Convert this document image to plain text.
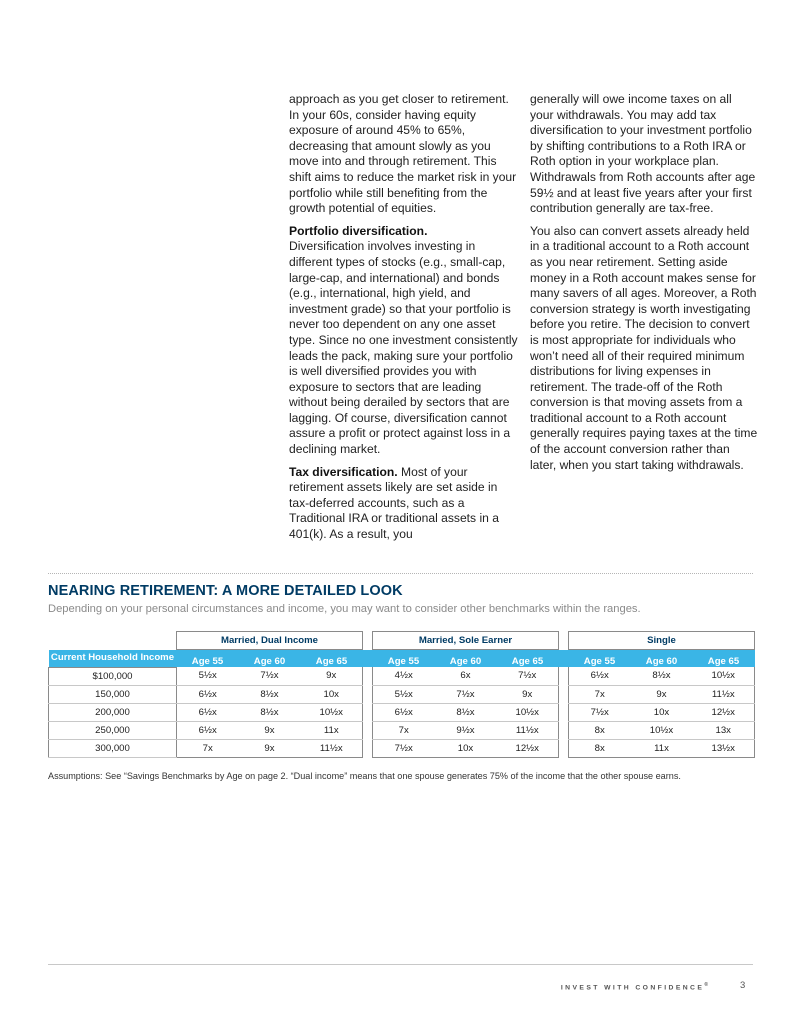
approach as you get closer to retirement. In your 60s, consider having equity exposure of around 45% to 65%, decreasing that amount slowly as you move into and through retirement. This shift aims to reduce the market risk in your portfolio while still benefiting from the growth potential of equities.

Portfolio diversification.
Diversification involves investing in different types of stocks (e.g., small-cap, large-cap, and international) and bonds (e.g., international, high yield, and investment grade) so that your portfolio is never too dependent on any one asset type. Since no one investment consistently leads the pack, making sure your portfolio is well diversified provides you with exposure to sectors that are leading without being derailed by sectors that are lagging. Of course, diversification cannot assure a profit or protect against loss in a declining market.

Tax diversification. Most of your retirement assets likely are set aside in tax-deferred accounts, such as a Traditional IRA or traditional assets in a 401(k). As a result, you

generally will owe income taxes on all your withdrawals. You may add tax diversification to your investment portfolio by shifting contributions to a Roth IRA or Roth option in your workplace plan. Withdrawals from Roth accounts after age 59½ and at least five years after your first contribution generally are tax-free.

You also can convert assets already held in a traditional account to a Roth account as you near retirement. Setting aside money in a Roth account makes sense for many savers of all ages. Moreover, a Roth conversion strategy is worth investigating before you retire. The decision to convert is most appropriate for individuals who won’t need all of their required minimum distributions for living expenses in retirement. The trade-off of the Roth conversion is that moving assets from a traditional account to a Roth account generally requires paying taxes at the time of the account conversion rather than later, when you start taking withdrawals.

NEARING RETIREMENT: A MORE DETAILED LOOK
Depending on your personal circumstances and income, you may want to consider other benchmarks within the ranges.
	Married, Dual Income				Married, Sole Earner				Single		
Current Household Income	Age 55	Age 60	Age 65		Age 55	Age 60	Age 65		Age 55	Age 60	Age 65
$100,000	5½x	7½x	9x		4½x	6x	7½x		6½x	8½x	10½x
150,000	6½x	8½x	10x		5½x	7½x	9x		7x	9x	11½x
200,000	6½x	8½x	10½x		6½x	8½x	10½x		7½x	10x	12½x
250,000	6½x	9x	11x		7x	9½x	11½x		8x	10½x	13x
300,000	7x	9x	11½x		7½x	10x	12½x		8x	11x	13½x
Assumptions: See “Savings Benchmarks by Age on page 2. “Dual income” means that one spouse generates 75% of the income that the other spouse earns.
INVEST WITH CONFIDENCE®	3
